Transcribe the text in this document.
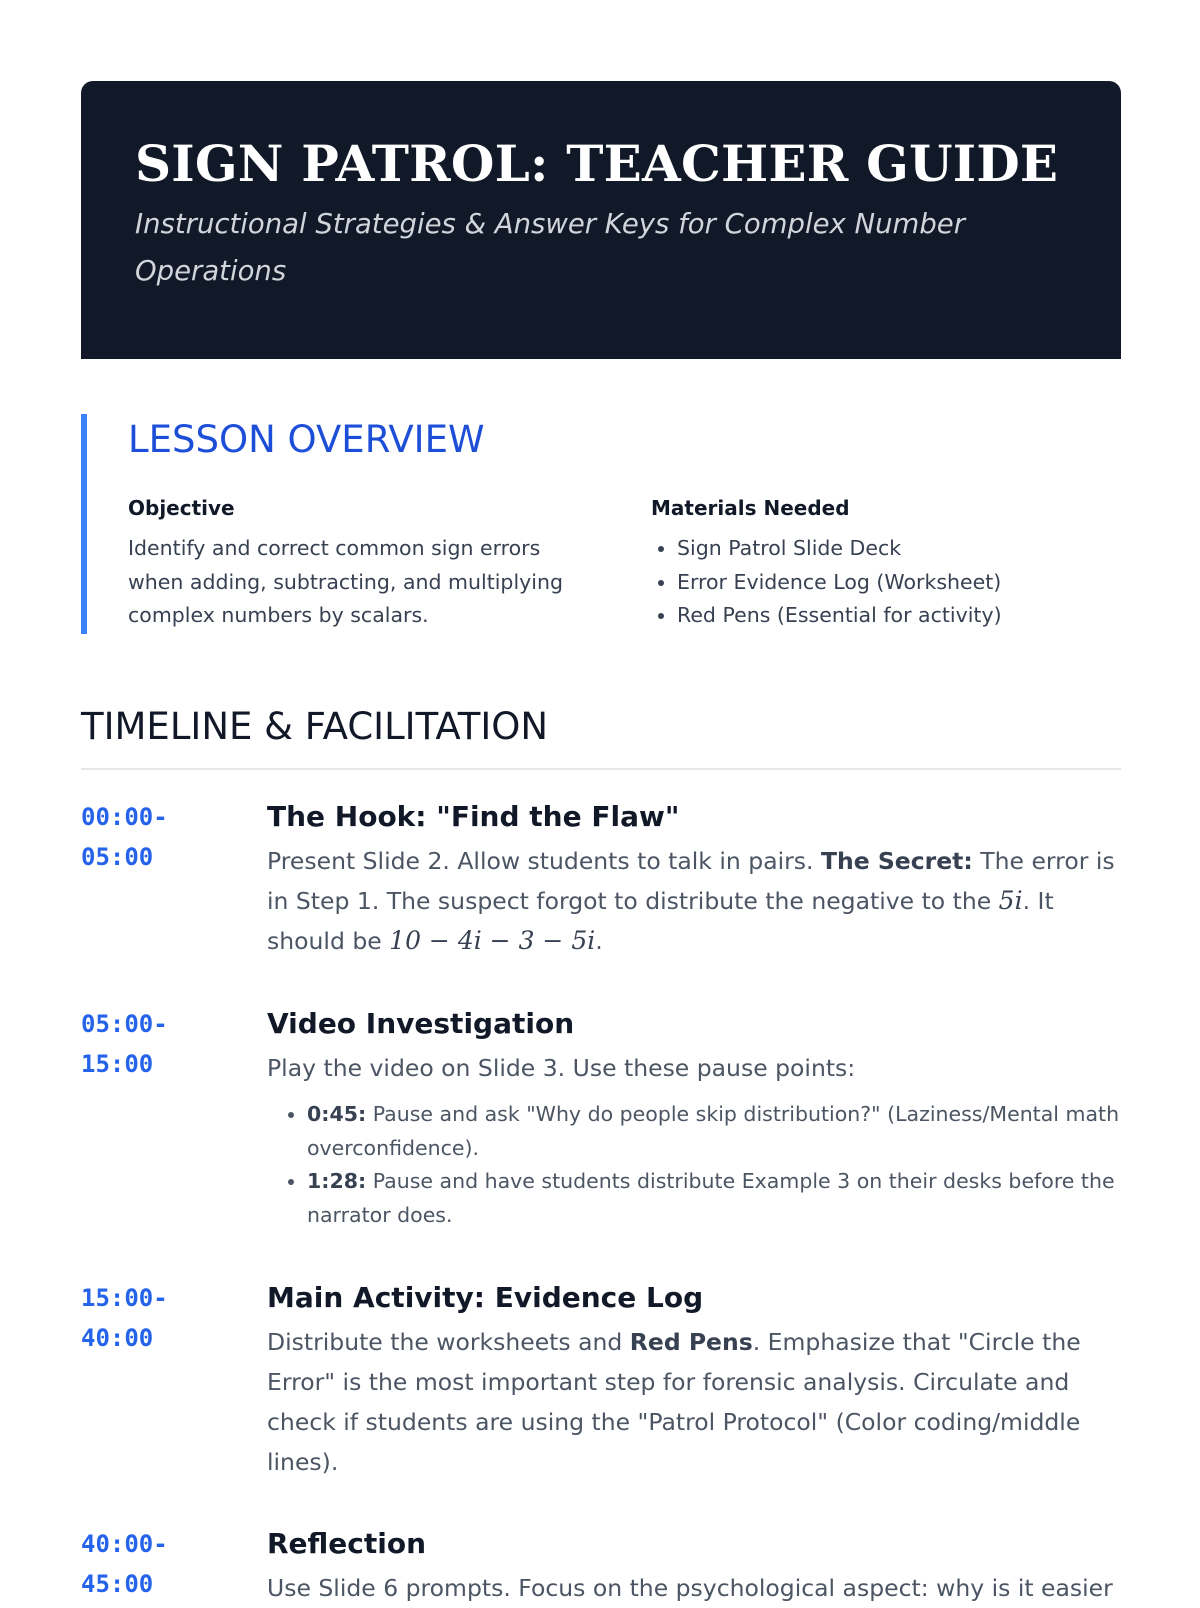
SIGN PATROL: TEACHER GUIDE
Instructional Strategies & Answer Keys for Complex Number Operations
LESSON OVERVIEW
Objective
Identify and correct common sign errors when adding, subtracting, and multiplying complex numbers by scalars.
Materials Needed
• Sign Patrol Slide Deck
• Error Evidence Log (Worksheet)
• Red Pens (Essential for activity)
TIMELINE & FACILITATION
00:00-
05:00
The Hook: "Find the Flaw"
Present Slide 2. Allow students to talk in pairs. The Secret: The error is in Step 1. The suspect forgot to distribute the negative to the 5i. It should be 10 − 4i − 3 − 5i.
05:00-
15:00
Video Investigation
Play the video on Slide 3. Use these pause points:
• 0:45: Pause and ask "Why do people skip distribution?" (Laziness/Mental math overconfidence).
• 1:28: Pause and have students distribute Example 3 on their desks before the narrator does.
15:00-
40:00
Main Activity: Evidence Log
Distribute the worksheets and Red Pens. Emphasize that "Circle the Error" is the most important step for forensic analysis. Circulate and check if students are using the "Patrol Protocol" (Color coding/middle lines).
40:00-
45:00
Reflection
Use Slide 6 prompts. Focus on the psychological aspect: why is it easier
